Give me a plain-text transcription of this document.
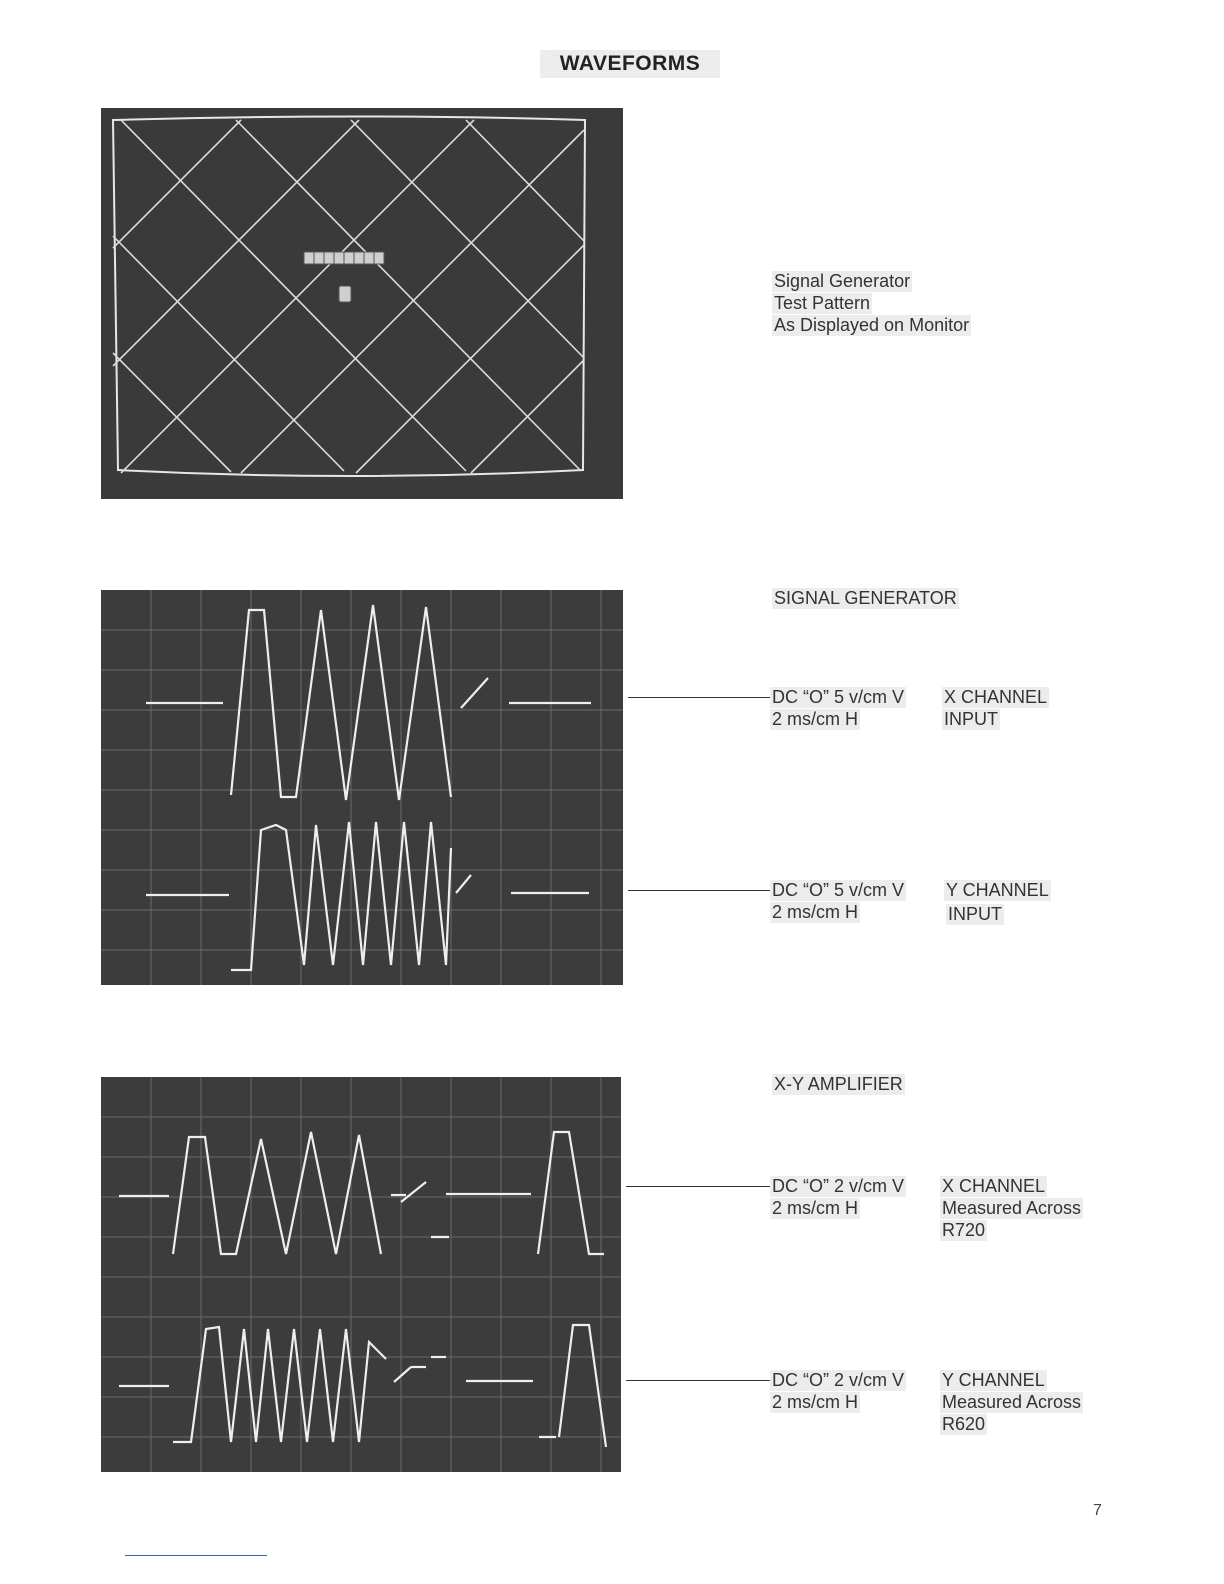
WAVEFORMS
Signal Generator
Test Pattern
As Displayed on Monitor
SIGNAL GENERATOR
DC “O” 5 v/cm V
2 ms/cm H
X CHANNEL
INPUT
DC “O” 5 v/cm V
2 ms/cm H
Y CHANNEL
INPUT
X-Y AMPLIFIER
DC “O” 2 v/cm V
2 ms/cm H
X CHANNEL
Measured Across
R720
DC “O” 2 v/cm V
2 ms/cm H
Y CHANNEL
Measured Across
R620
7
